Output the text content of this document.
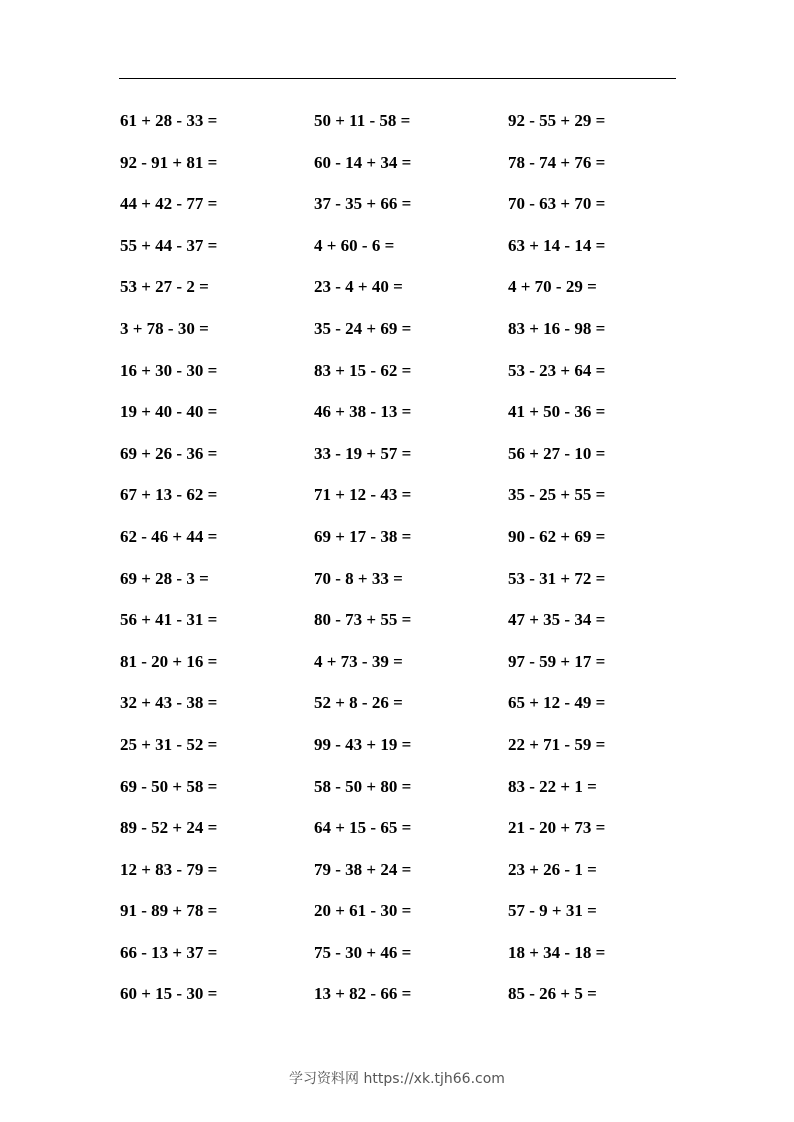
61 + 28 - 33 =	50 + 11 - 58 =	92 - 55 + 29 =
92 - 91 + 81 =	60 - 14 + 34 =	78 - 74 + 76 =
44 + 42 - 77 =	37 - 35 + 66 =	70 - 63 + 70 =
55 + 44 - 37 =	4 + 60 - 6 =	63 + 14 - 14 =
53 + 27 - 2 =	23 - 4 + 40 =	4 + 70 - 29 =
3 + 78 - 30 =	35 - 24 + 69 =	83 + 16 - 98 =
16 + 30 - 30 =	83 + 15 - 62 =	53 - 23 + 64 =
19 + 40 - 40 =	46 + 38 - 13 =	41 + 50 - 36 =
69 + 26 - 36 =	33 - 19 + 57 =	56 + 27 - 10 =
67 + 13 - 62 =	71 + 12 - 43 =	35 - 25 + 55 =
62 - 46 + 44 =	69 + 17 - 38 =	90 - 62 + 69 =
69 + 28 - 3 =	70 - 8 + 33 =	53 - 31 + 72 =
56 + 41 - 31 =	80 - 73 + 55 =	47 + 35 - 34 =
81 - 20 + 16 =	4 + 73 - 39 =	97 - 59 + 17 =
32 + 43 - 38 =	52 + 8 - 26 =	65 + 12 - 49 =
25 + 31 - 52 =	99 - 43 + 19 =	22 + 71 - 59 =
69 - 50 + 58 =	58 - 50 + 80 =	83 - 22 + 1 =
89 - 52 + 24 =	64 + 15 - 65 =	21 - 20 + 73 =
12 + 83 - 79 =	79 - 38 + 24 =	23 + 26 - 1 =
91 - 89 + 78 =	20 + 61 - 30 =	57 - 9 + 31 =
66 - 13 + 37 =	75 - 30 + 46 =	18 + 34 - 18 =
60 + 15 - 30 =	13 + 82 - 66 =	85 - 26 + 5 =
学习资料网 https://xk.tjh66.com
